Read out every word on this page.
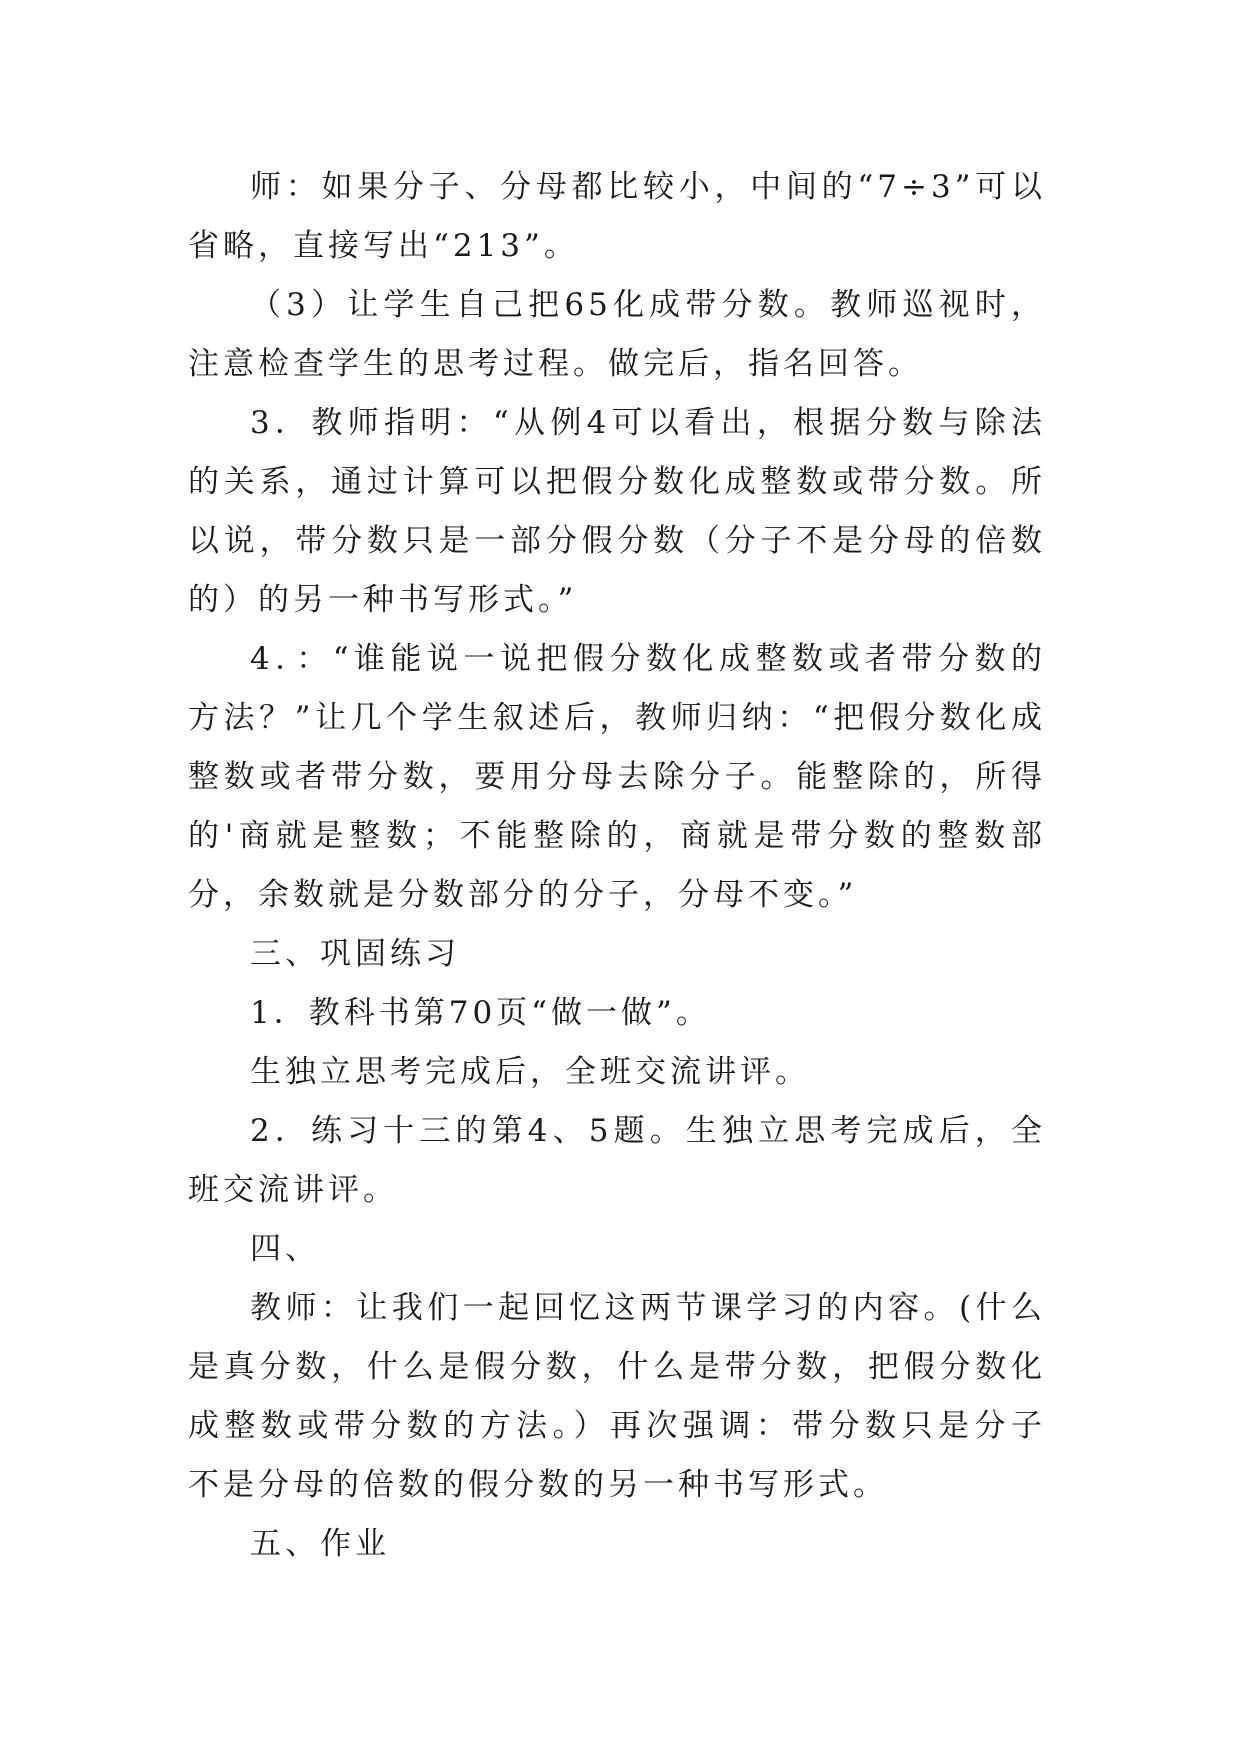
师：如果分子、分母都比较小，中间的“7÷3”可以省略，直接写出“213”。

（3）让学生自己把65化成带分数。教师巡视时，注意检查学生的思考过程。做完后，指名回答。

3．教师指明：“从例4可以看出，根据分数与除法的关系，通过计算可以把假分数化成整数或带分数。所以说，带分数只是一部分假分数（分子不是分母的倍数的）的另一种书写形式。”

4．：“谁能说一说把假分数化成整数或者带分数的方法？”让几个学生叙述后，教师归纳：“把假分数化成整数或者带分数，要用分母去除分子。能整除的，所得的'商就是整数；不能整除的，商就是带分数的整数部分，余数就是分数部分的分子，分母不变。”

三、巩固练习

1．教科书第70页“做一做”。

生独立思考完成后，全班交流讲评。

2．练习十三的第4、5题。生独立思考完成后，全班交流讲评。

四、

教师：让我们一起回忆这两节课学习的内容。(什么是真分数，什么是假分数，什么是带分数，把假分数化成整数或带分数的方法。）再次强调：带分数只是分子不是分母的倍数的假分数的另一种书写形式。

五、作业
